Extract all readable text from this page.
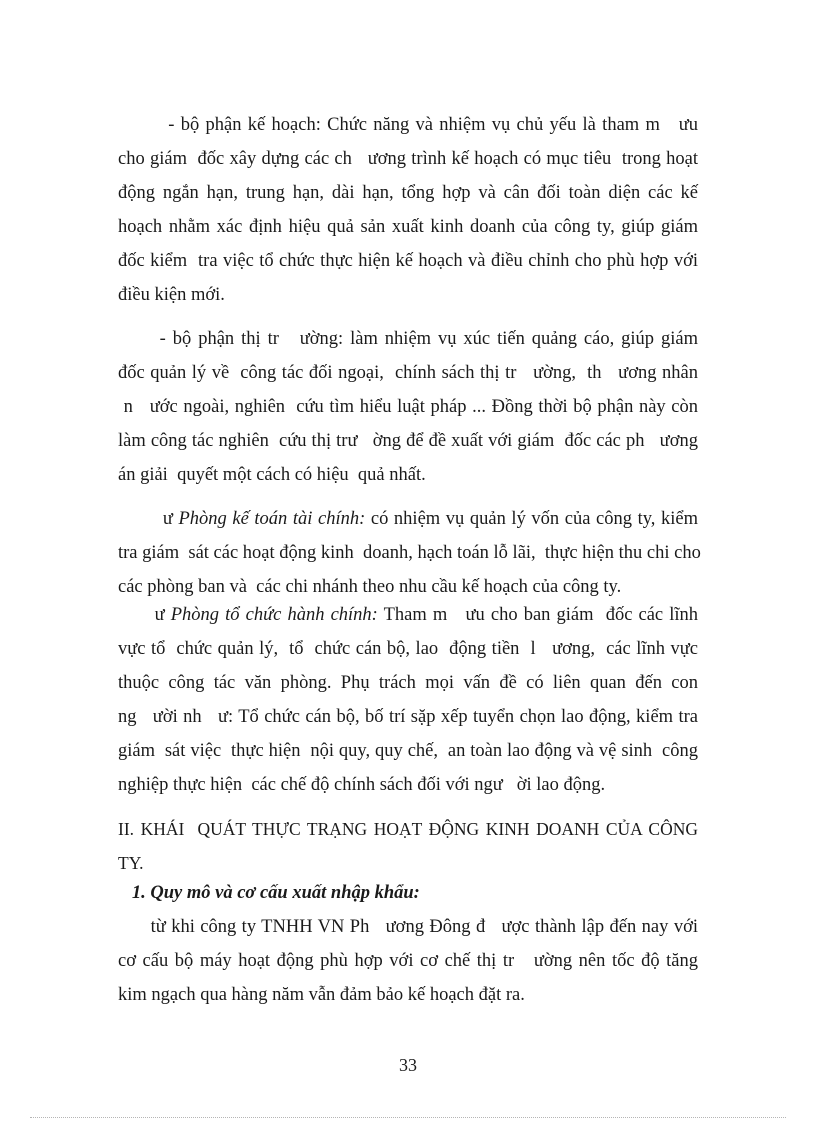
- bộ phận kế hoạch: Chức năng và nhiệm vụ chủ yếu là tham m   ưu
cho giám  đốc xây dựng các ch   ương trình kế hoạch có mục tiêu  trong hoạt
động ngắn hạn, trung hạn, dài hạn, tổng hợp và cân đối toàn diện các kế
hoạch nhằm xác định hiệu quả sản xuất kinh doanh của công ty, giúp giám
đốc kiểm  tra việc tổ chức thực hiện kế hoạch và điều chỉnh cho phù hợp với
điều kiện mới.
- bộ phận thị tr   ường: làm nhiệm vụ xúc tiến quảng cáo, giúp giám
đốc quản lý về  công tác đối ngoại,  chính sách thị tr   ường,  th   ương nhân
n   ước ngoài, nghiên  cứu tìm hiểu luật pháp ... Đồng thời bộ phận này còn
làm công tác nghiên  cứu thị trư   ờng để đề xuất với giám  đốc các ph   ương
án giải  quyết một cách có hiệu  quả nhất.
ư Phòng kế toán tài chính: có nhiệm vụ quản lý vốn của công ty, kiểm
tra giám  sát các hoạt động kinh  doanh, hạch toán lỗ lãi,  thực hiện thu chi cho
các phòng ban và  các chi nhánh theo nhu cầu kế hoạch của công ty.
ư Phòng tổ chức hành chính: Tham m   ưu cho ban giám  đốc các lĩnh
vực tổ  chức quản lý,  tổ  chức cán bộ, lao  động tiền  l   ương,  các lĩnh vực
thuộc  công  tác  văn  phòng.  Phụ  trách  mọi  vấn  đề  có  liên  quan  đến  con
ng   ười nh   ư: Tổ chức cán bộ, bố trí sặp xếp tuyển chọn lao động, kiểm tra
giám  sát việc  thực hiện  nội quy, quy chế,  an toàn lao động và vệ sinh  công
nghiệp thực hiện  các chế độ chính sách đối với ngư   ời lao động.
II. KHÁI  QUÁT THỰC TRẠNG HOẠT ĐỘNG KINH DOANH CỦA CÔNG
TY.
1. Quy mô và cơ cấu xuất nhập khẩu:
từ khi công ty TNHH VN Ph   ương Đông đ   ược thành lập đến nay với
cơ cấu bộ máy hoạt động phù hợp với cơ chế thị tr   ường nên tốc độ tăng
kim ngạch qua hàng năm vẫn đảm bảo kế hoạch đặt ra.
33
